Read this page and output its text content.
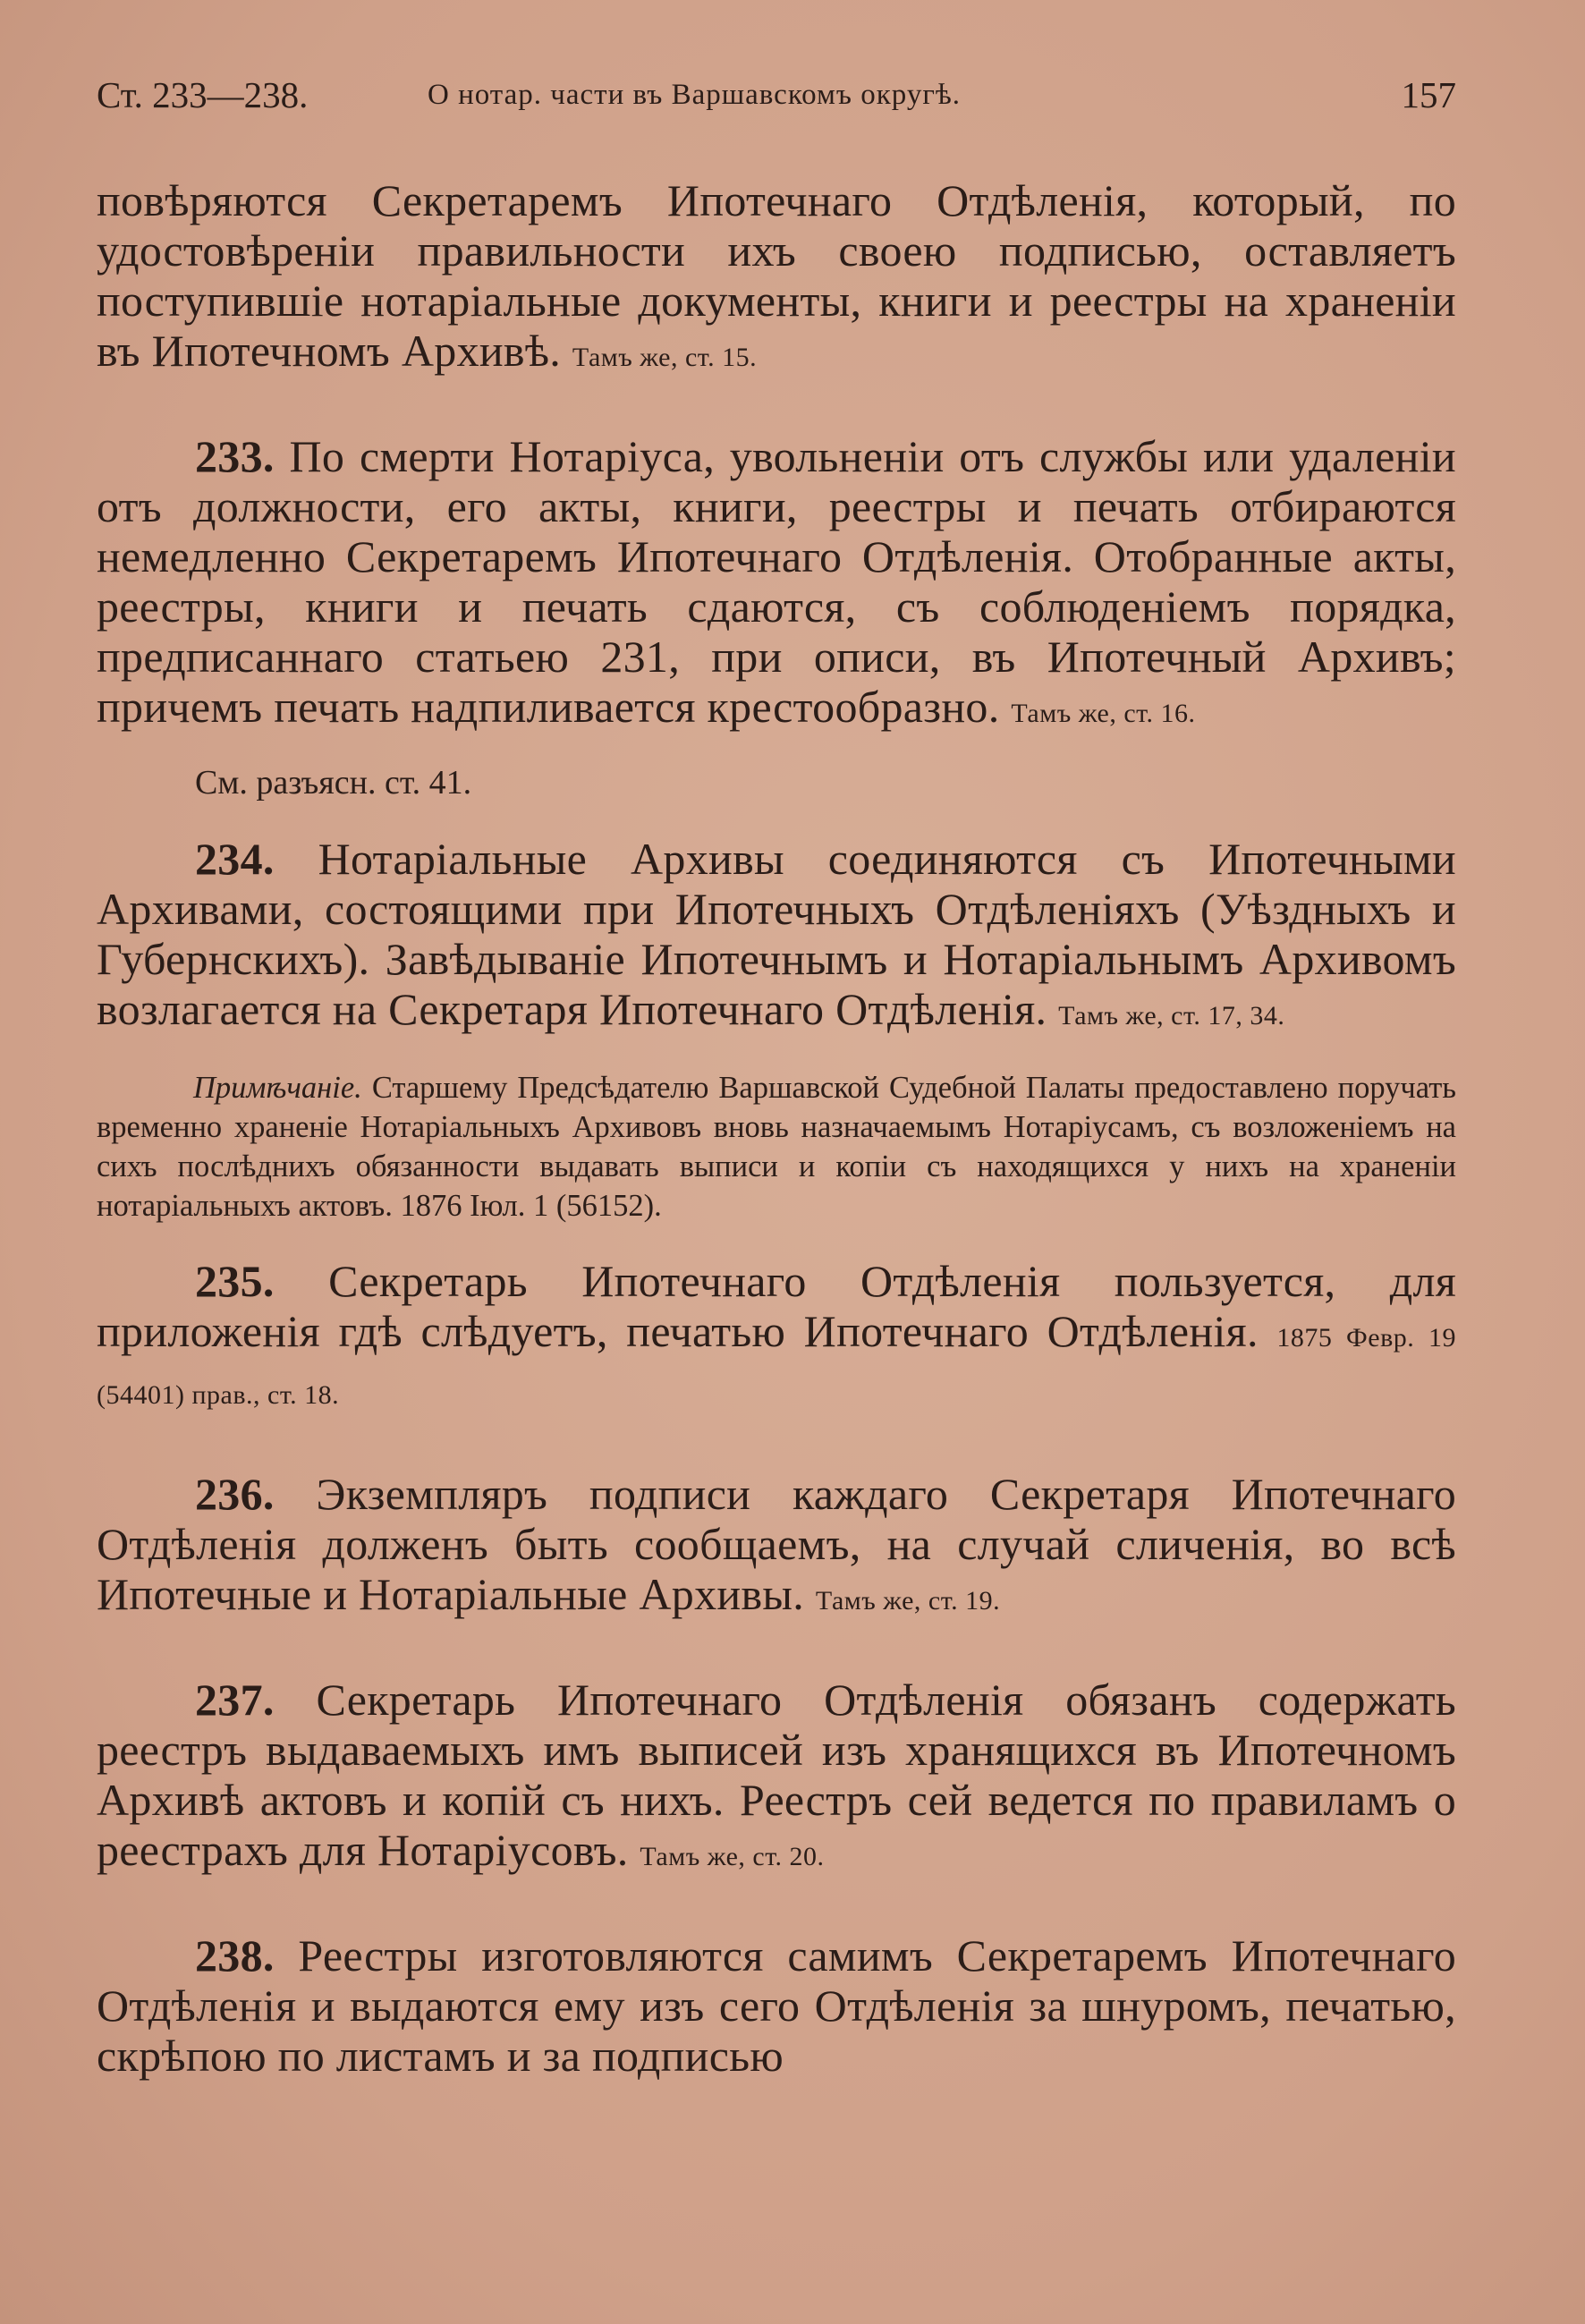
Ст. 233—238.	О нотар. части въ Варшавскомъ округѣ.	157

повѣряются Секретаремъ Ипотечнаго Отдѣленія, который, по удостовѣреніи правильности ихъ своею подписью, оставляетъ поступившіе нотаріальные документы, книги и реестры на храненіи въ Ипотечномъ Архивѣ. Тамъ же, ст. 15.

233. По смерти Нотаріуса, увольненіи отъ службы или удаленіи отъ должности, его акты, книги, реестры и печать отбираются немедленно Секретаремъ Ипотечнаго Отдѣленія. Отобранные акты, реестры, книги и печать сдаются, съ соблюденіемъ порядка, предписаннаго статьею 231, при описи, въ Ипотечный Архивъ; причемъ печать надпиливается крестообразно. Тамъ же, ст. 16.

См. разъясн. ст. 41.

234. Нотаріальные Архивы соединяются съ Ипотечными Архивами, состоящими при Ипотечныхъ Отдѣленіяхъ (Уѣздныхъ и Губернскихъ). Завѣдываніе Ипотечнымъ и Нотаріальнымъ Архивомъ возлагается на Секретаря Ипотечнаго Отдѣленія. Тамъ же, ст. 17, 34.

Примѣчаніе. Старшему Предсѣдателю Варшавской Судебной Палаты предоставлено поручать временно храненіе Нотаріальныхъ Архивовъ вновь назначаемымъ Нотаріусамъ, съ возложеніемъ на сихъ послѣднихъ обязанности выдавать выписи и копіи съ находящихся у нихъ на храненіи нотаріальныхъ актовъ. 1876 Іюл. 1 (56152).

235. Секретарь Ипотечнаго Отдѣленія пользуется, для приложенія гдѣ слѣдуетъ, печатью Ипотечнаго Отдѣленія. 1875 Февр. 19 (54401) прав., ст. 18.

236. Экземпляръ подписи каждаго Секретаря Ипотечнаго Отдѣленія долженъ быть сообщаемъ, на случай сличенія, во всѣ Ипотечные и Нотаріальные Архивы. Тамъ же, ст. 19.

237. Секретарь Ипотечнаго Отдѣленія обязанъ содержать реестръ выдаваемыхъ имъ выписей изъ хранящихся въ Ипотечномъ Архивѣ актовъ и копій съ нихъ. Реестръ сей ведется по правиламъ о реестрахъ для Нотаріусовъ. Тамъ же, ст. 20.

238. Реестры изготовляются самимъ Секретаремъ Ипотечнаго Отдѣленія и выдаются ему изъ сего Отдѣленія за шнуромъ, печатью, скрѣпою по листамъ и за подписью
